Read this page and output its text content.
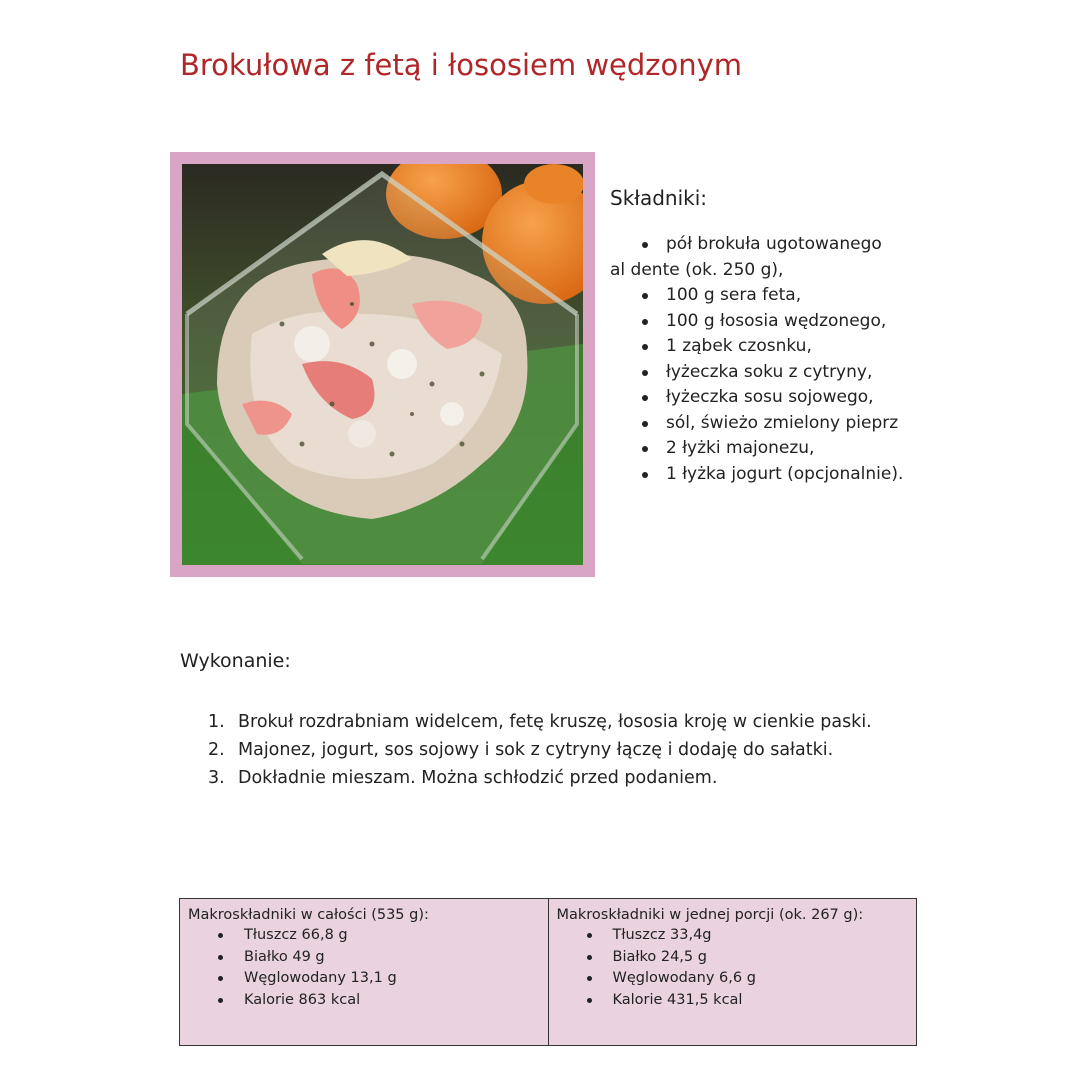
Brokułowa z fetą i łososiem wędzonym
Składniki:
pół brokuła ugotowanego
al dente (ok. 250 g),
100 g sera feta,
100 g łososia wędzonego,
1 ząbek czosnku,
łyżeczka soku z cytryny,
łyżeczka sosu sojowego,
sól, świeżo zmielony pieprz
2 łyżki majonezu,
1 łyżka jogurt (opcjonalnie).
Wykonanie:
1. Brokuł rozdrabniam widelcem, fetę kruszę, łososia kroję w cienkie paski.
2. Majonez, jogurt, sos sojowy i sok z cytryny łączę i dodaję do sałatki.
3. Dokładnie mieszam. Można schłodzić przed podaniem.

Makroskładniki w całości (535 g):

Tłuszcz 66,8 g
Białko 49 g
Węglowodany 13,1 g
Kalorie 863 kcal

Makroskładniki w jednej porcji (ok. 267 g):

Tłuszcz 33,4g
Białko 24,5 g
Węglowodany 6,6 g
Kalorie 431,5 kcal
